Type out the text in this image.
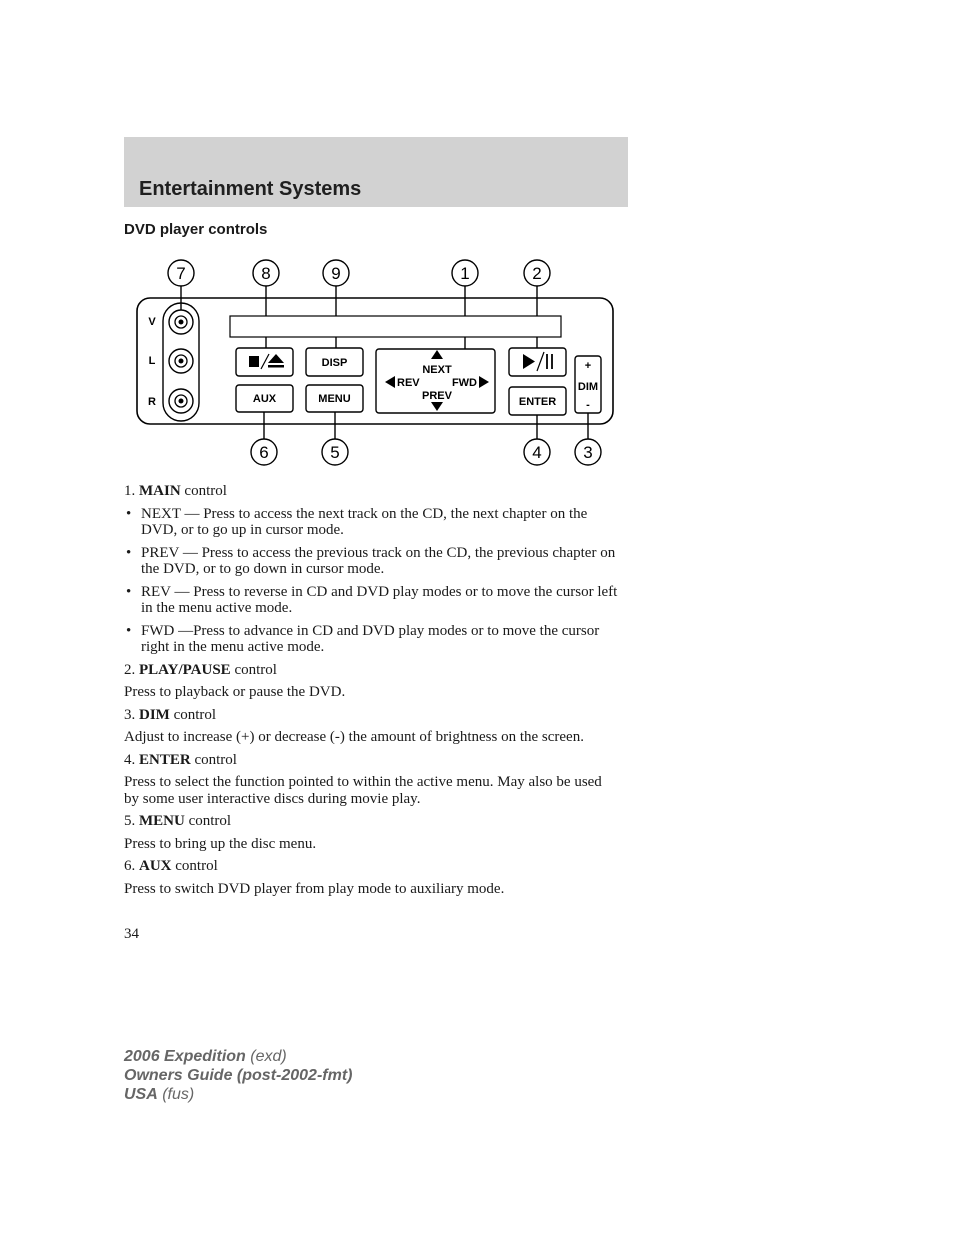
Entertainment Systems
DVD player controls
7	8	9	1	2
6	5	4 3
V
L
R
DISP
AUX	MENU
NEXT
PREV
REV	FWD
ENTER
+
DIM
-

1. MAIN control

• NEXT — Press to access the next track on the CD, the next chapter on the DVD, or to go up in cursor mode.
• PREV — Press to access the previous track on the CD, the previous chapter on the DVD, or to go down in cursor mode.
• REV — Press to reverse in CD and DVD play modes or to move the cursor left in the menu active mode.
• FWD —Press to advance in CD and DVD play modes or to move the cursor right in the menu active mode.

2. PLAY/PAUSE control

Press to playback or pause the DVD.

3. DIM control

Adjust to increase (+) or decrease (-) the amount of brightness on the screen.

4. ENTER control

Press to select the function pointed to within the active menu. May also be used by some user interactive discs during movie play.

5. MENU control

Press to bring up the disc menu.

6. AUX control

Press to switch DVD player from play mode to auxiliary mode.

34
2006 Expedition (exd)
Owners Guide (post-2002-fmt)
USA (fus)
